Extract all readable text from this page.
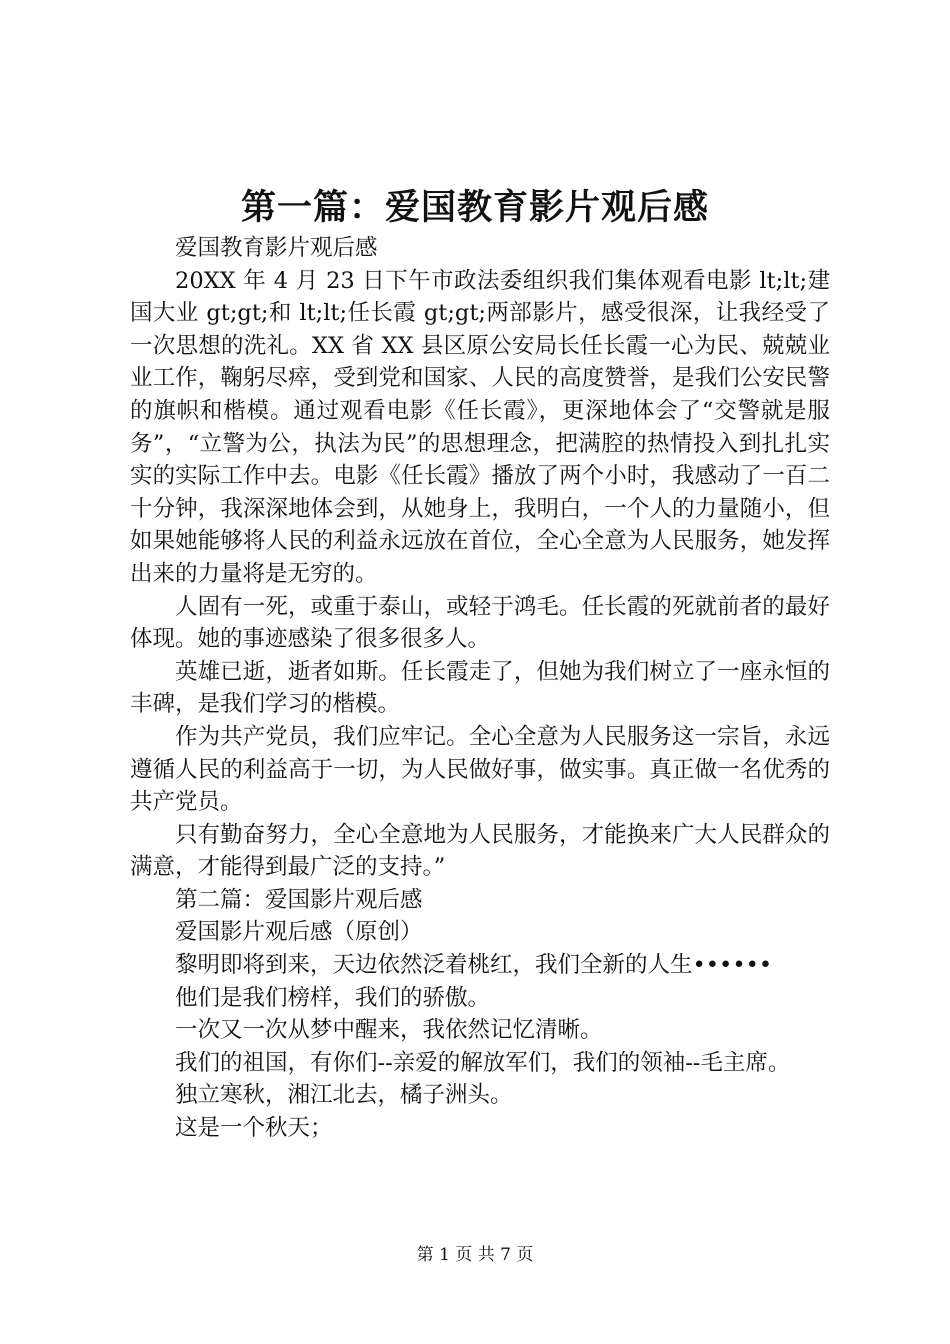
第一篇：爱国教育影片观后感

爱国教育影片观后感

20XX 年 4 月 23 日下午市政法委组织我们集体观看电影 lt;lt;建国大业 gt;gt;和 lt;lt;任长霞 gt;gt;两部影片，感受很深，让我经受了一次思想的洗礼。XX 省 XX 县区原公安局长任长霞一心为民、兢兢业业工作，鞠躬尽瘁，受到党和国家、人民的高度赞誉，是我们公安民警的旗帜和楷模。通过观看电影《任长霞》，更深地体会了“交警就是服务”，“立警为公，执法为民”的思想理念，把满腔的热情投入到扎扎实实的实际工作中去。电影《任长霞》播放了两个小时，我感动了一百二十分钟，我深深地体会到，从她身上，我明白，一个人的力量随小，但如果她能够将人民的利益永远放在首位，全心全意为人民服务，她发挥出来的力量将是无穷的。

人固有一死，或重于泰山，或轻于鸿毛。任长霞的死就前者的最好体现。她的事迹感染了很多很多人。

英雄已逝，逝者如斯。任长霞走了，但她为我们树立了一座永恒的丰碑，是我们学习的楷模。

作为共产党员，我们应牢记。全心全意为人民服务这一宗旨，永远遵循人民的利益高于一切，为人民做好事，做实事。真正做一名优秀的共产党员。

只有勤奋努力，全心全意地为人民服务，才能换来广大人民群众的满意，才能得到最广泛的支持。”

第二篇：爱国影片观后感

爱国影片观后感（原创）

黎明即将到来，天边依然泛着桃红，我们全新的人生••••••

他们是我们榜样，我们的骄傲。

一次又一次从梦中醒来，我依然记忆清晰。

我们的祖国，有你们--亲爱的解放军们，我们的领袖--毛主席。

独立寒秋，湘江北去，橘子洲头。

这是一个秋天；

第 1 页 共 7 页
